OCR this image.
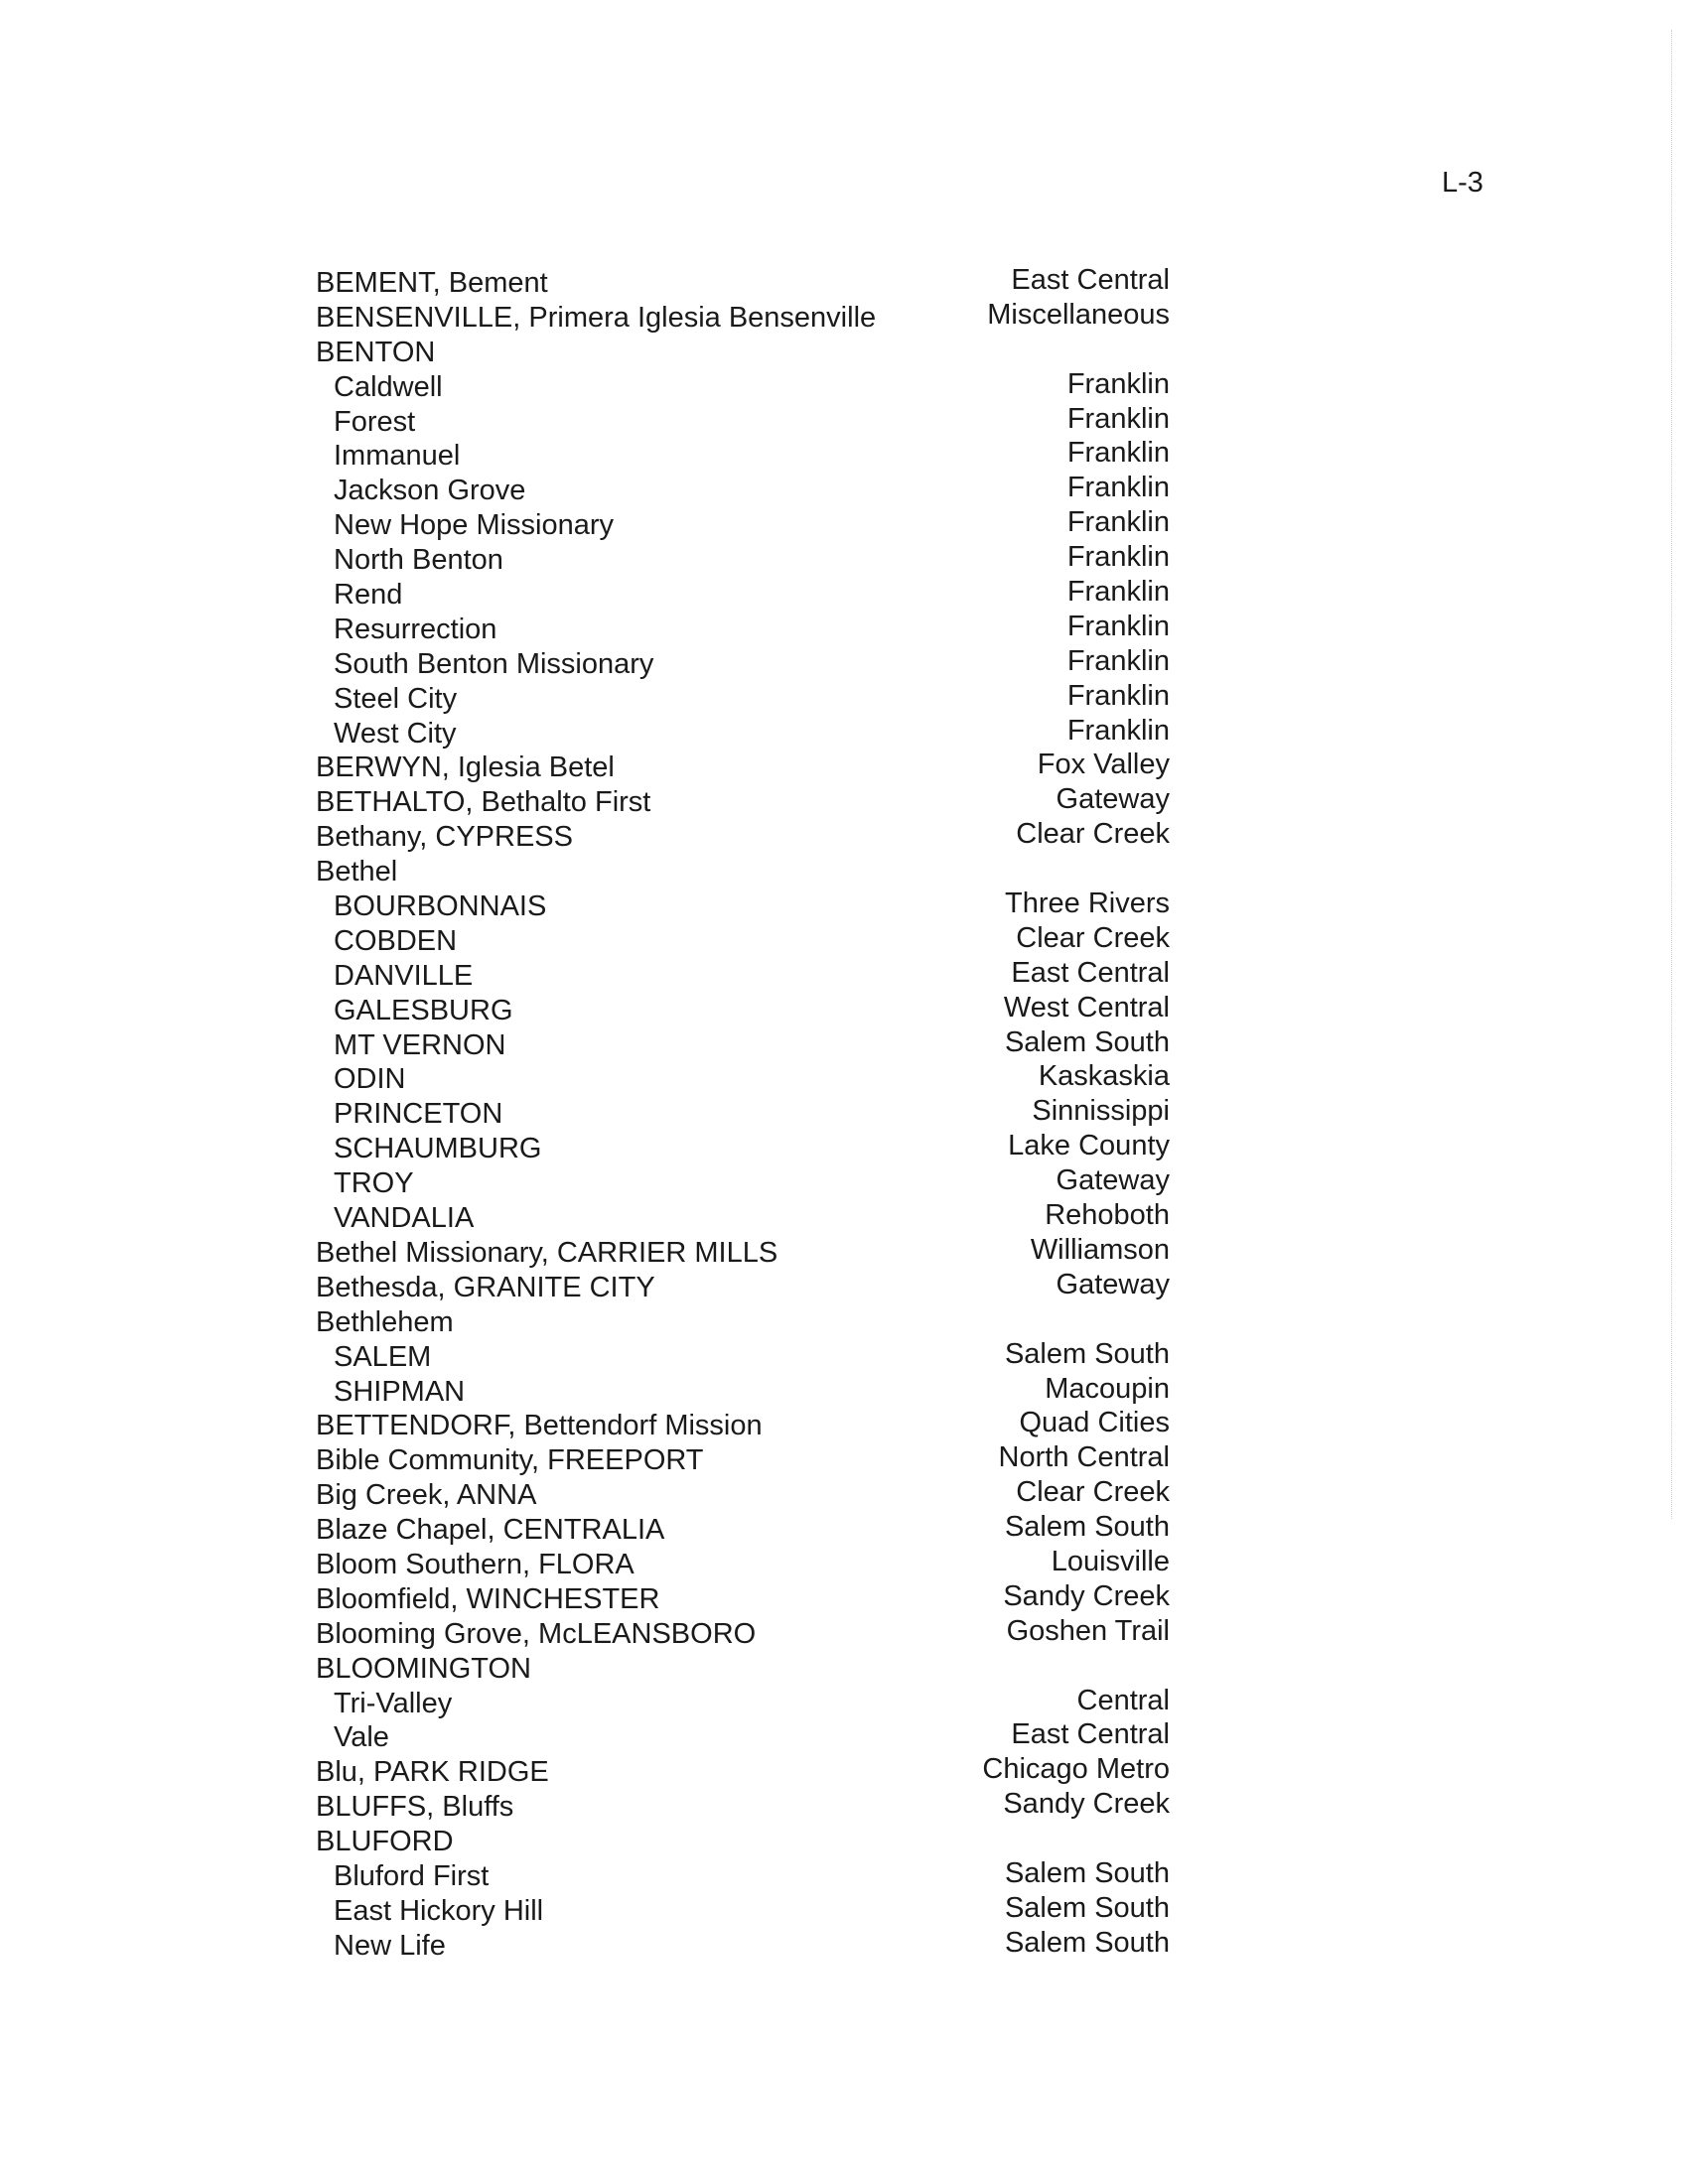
L-3
BEMENT, Bement	East Central
BENSENVILLE, Primera Iglesia Bensenville	Miscellaneous
BENTON
Caldwell	Franklin
Forest	Franklin
Immanuel	Franklin
Jackson Grove	Franklin
New Hope Missionary	Franklin
North Benton	Franklin
Rend	Franklin
Resurrection	Franklin
South Benton Missionary	Franklin
Steel City	Franklin
West City	Franklin
BERWYN, Iglesia Betel	Fox Valley
BETHALTO, Bethalto First	Gateway
Bethany, CYPRESS	Clear Creek
Bethel
BOURBONNAIS	Three Rivers
COBDEN	Clear Creek
DANVILLE	East Central
GALESBURG	West Central
MT VERNON	Salem South
ODIN	Kaskaskia
PRINCETON	Sinnissippi
SCHAUMBURG	Lake County
TROY	Gateway
VANDALIA	Rehoboth
Bethel Missionary, CARRIER MILLS	Williamson
Bethesda, GRANITE CITY	Gateway
Bethlehem
SALEM	Salem South
SHIPMAN	Macoupin
BETTENDORF, Bettendorf Mission	Quad Cities
Bible Community, FREEPORT	North Central
Big Creek, ANNA	Clear Creek
Blaze Chapel, CENTRALIA	Salem South
Bloom Southern, FLORA	Louisville
Bloomfield, WINCHESTER	Sandy Creek
Blooming Grove, McLEANSBORO	Goshen Trail
BLOOMINGTON
Tri-Valley	Central
Vale	East Central
Blu, PARK RIDGE	Chicago Metro
BLUFFS, Bluffs	Sandy Creek
BLUFORD
Bluford First	Salem South
East Hickory Hill	Salem South
New Life	Salem South
